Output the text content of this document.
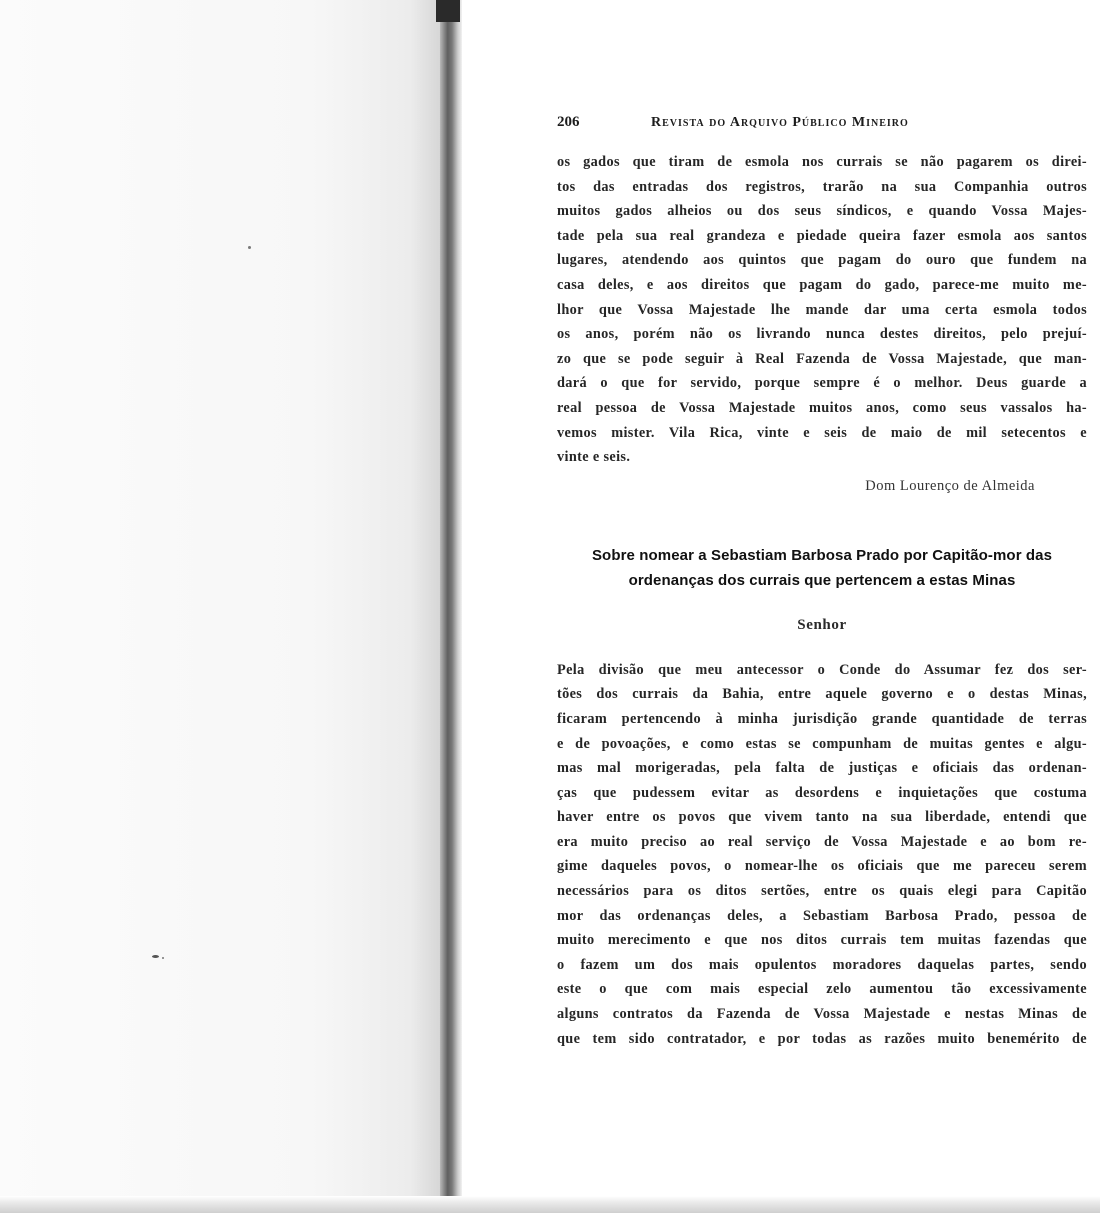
206	Revista do Arquivo Público Mineiro
os gados que tiram de esmola nos currais se não pagarem os direi-
tos das entradas dos registros, trarão na sua Companhia outros
muitos gados alheios ou dos seus síndicos, e quando Vossa Majes-
tade pela sua real grandeza e piedade queira fazer esmola aos santos
lugares, atendendo aos quintos que pagam do ouro que fundem na
casa deles, e aos direitos que pagam do gado, parece-me muito me-
lhor que Vossa Majestade lhe mande dar uma certa esmola todos
os anos, porém não os livrando nunca destes direitos, pelo prejuí-
zo que se pode seguir à Real Fazenda de Vossa Majestade, que man-
dará o que for servido, porque sempre é o melhor. Deus guarde a
real pessoa de Vossa Majestade muitos anos, como seus vassalos ha-
vemos mister. Vila Rica, vinte e seis de maio de mil setecentos e
vinte e seis.
Dom Lourenço de Almeida
Sobre nomear a Sebastiam Barbosa Prado por Capitão-mor das
ordenanças dos currais que pertencem a estas Minas
Senhor
Pela divisão que meu antecessor o Conde do Assumar fez dos ser-
tões dos currais da Bahia, entre aquele governo e o destas Minas,
ficaram pertencendo à minha jurisdição grande quantidade de terras
e de povoações, e como estas se compunham de muitas gentes e algu-
mas mal morigeradas, pela falta de justiças e oficiais das ordenan-
ças que pudessem evitar as desordens e inquietações que costuma
haver entre os povos que vivem tanto na sua liberdade, entendi que
era muito preciso ao real serviço de Vossa Majestade e ao bom re-
gime daqueles povos, o nomear-lhe os oficiais que me pareceu serem
necessários para os ditos sertões, entre os quais elegi para Capitão
mor das ordenanças deles, a Sebastiam Barbosa Prado, pessoa de
muito merecimento e que nos ditos currais tem muitas fazendas que
o fazem um dos mais opulentos moradores daquelas partes, sendo
este o que com mais especial zelo aumentou tão excessivamente
alguns contratos da Fazenda de Vossa Majestade e nestas Minas de
que tem sido contratador, e por todas as razões muito benemérito de
